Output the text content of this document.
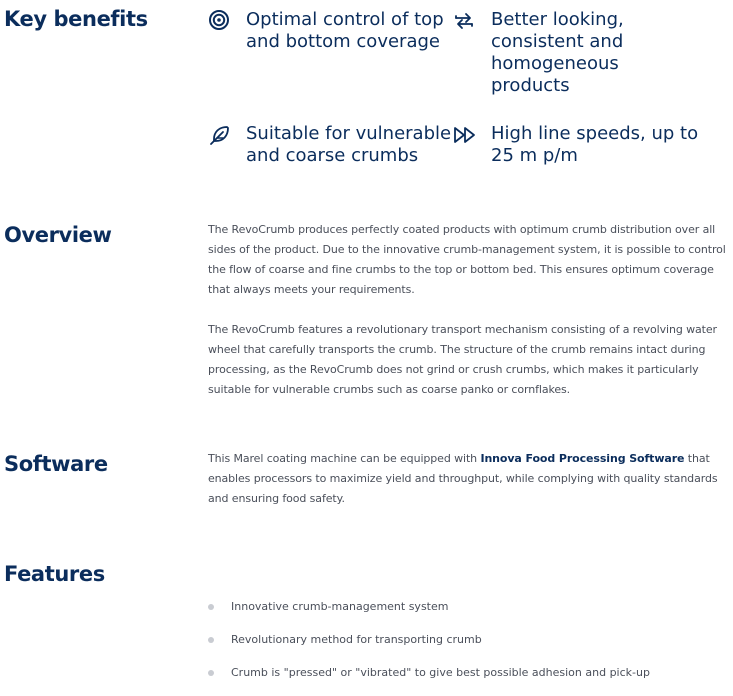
Key benefits	Optimal control of top
and bottom coverage
Better looking,
consistent and
homogeneous
products
Suitable for vulnerable
and coarse crumbs
High line speeds, up to
25 m p/m
Overview	The RevoCrumb produces perfectly coated products with optimum crumb distribution over all
sides of the product. Due to the innovative crumb-management system, it is possible to control
the flow of coarse and fine crumbs to the top or bottom bed. This ensures optimum coverage
that always meets your requirements.

The RevoCrumb features a revolutionary transport mechanism consisting of a revolving water
wheel that carefully transports the crumb. The structure of the crumb remains intact during
processing, as the RevoCrumb does not grind or crush crumbs, which makes it particularly
suitable for vulnerable crumbs such as coarse panko or cornflakes.

Software	This Marel coating machine can be equipped with Innova Food Processing Software that
enables processors to maximize yield and throughput, while complying with quality standards
and ensuring food safety.

Features
Innovative crumb-management system
Revolutionary method for transporting crumb
Crumb is "pressed" or "vibrated" to give best possible adhesion and pick-up
